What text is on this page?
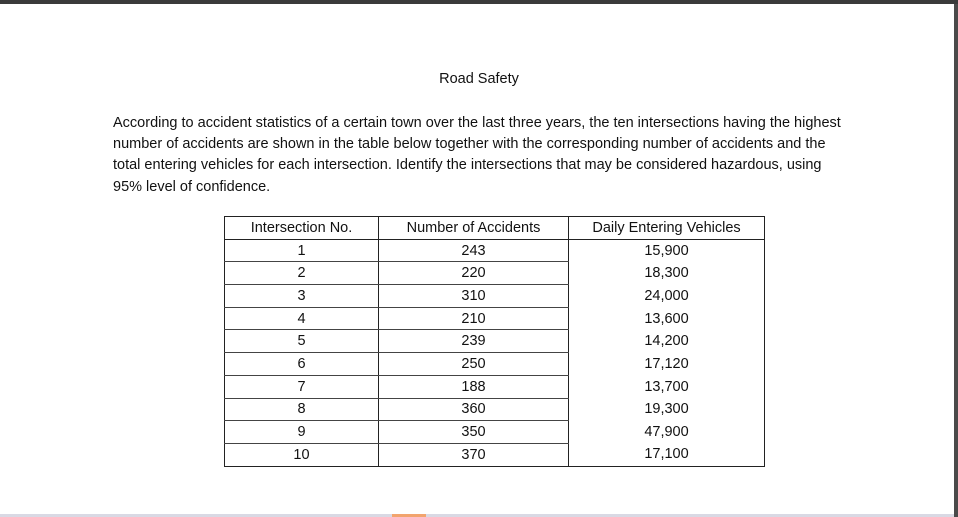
Road Safety
According to accident statistics of a certain town over the last three years, the ten intersections having the highest number of accidents are shown in the table below together with the corresponding number of accidents and the total entering vehicles for each intersection. Identify the intersections that may be considered hazardous, using 95% level of confidence.
Intersection No.	Number of Accidents	Daily Entering Vehicles
1	243	15,900
2	220	18,300
3	310	24,000
4	210	13,600
5	239	14,200
6	250	17,120
7	188	13,700
8	360	19,300
9	350	47,900
10	370	17,100
